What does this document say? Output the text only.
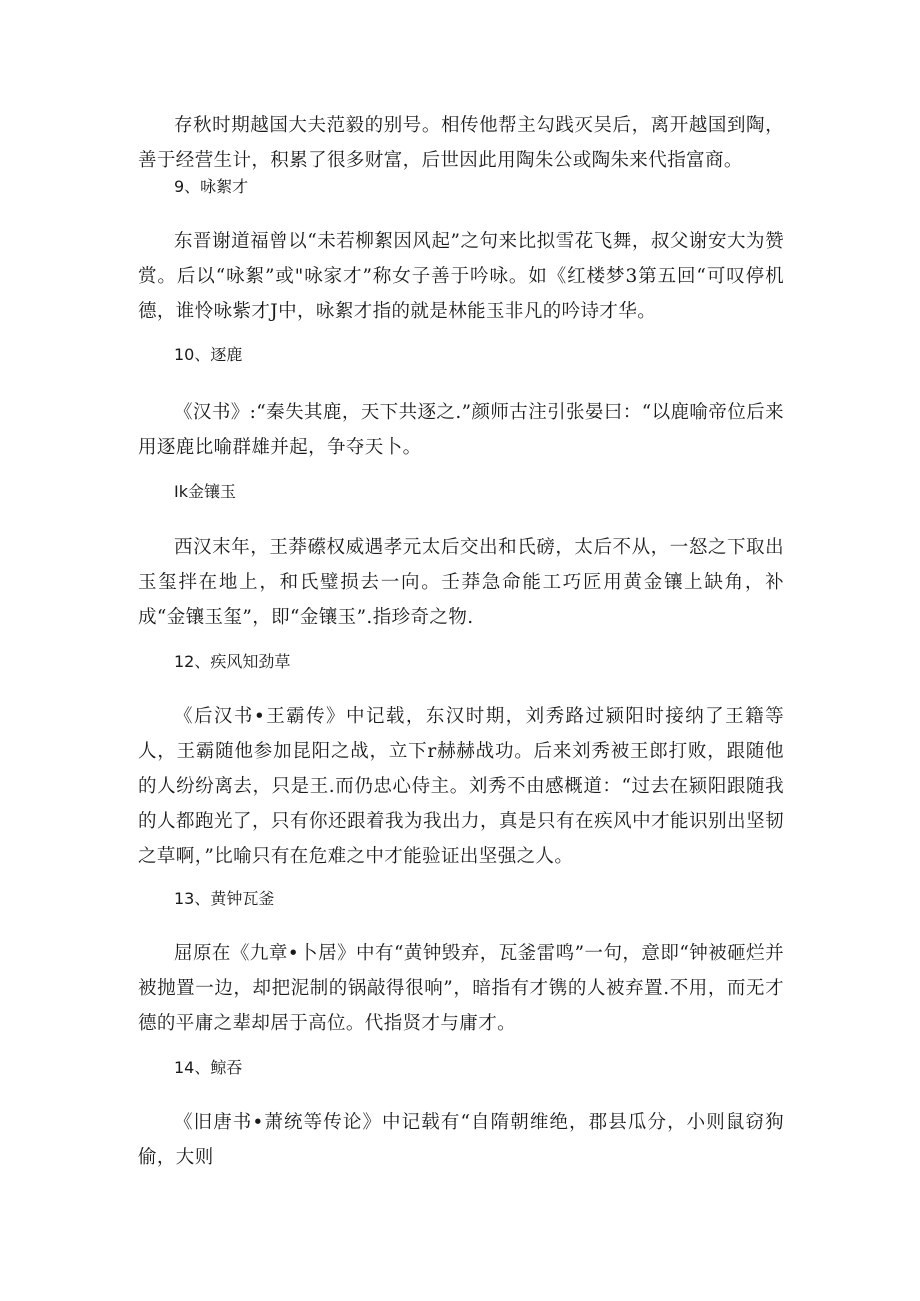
存秋时期越国大夫范毅的别号。相传他帮主勾践灭吴后，离开越国到陶，善于经营生计，积累了很多财富，后世因此用陶朱公或陶朱来代指富商。

9、咏絮才

东晋谢道福曾以“未若柳絮因风起”之句来比拟雪花飞舞，叔父谢安大为赞赏。后以“咏絮”或"咏家才”称女子善于吟咏。如《红楼梦3第五回“可叹停机德，谁怜咏紫才J中，咏絮才指的就是林能玉非凡的吟诗才华。

10、逐鹿

《汉书》:“秦失其鹿，天下共逐之.”颜师古注引张晏曰：“以鹿喻帝位后来用逐鹿比喻群雄并起，争夺天卜。

Ik金镶玉

西汉末年，王莽礤权威遇孝元太后交出和氏磅，太后不从，一怒之下取出玉玺拌在地上，和氏璧损去一向。壬莽急命能工巧匠用黄金镶上缺角，补成“金镶玉玺”，即“金镶玉”.指珍奇之物.

12、疾风知劲草

《后汉书•王霸传》中记载，东汉时期，刘秀路过颍阳时接纳了王籍等人，王霸随他参加昆阳之战，立下r赫赫战功。后来刘秀被王郎打败，跟随他的人纷纷离去，只是王.而仍忠心侍主。刘秀不由感概道：“过去在颍阳跟随我的人都跑光了，只有你还跟着我为我出力，真是只有在疾风中才能识别出坚韧之草啊，”比喻只有在危难之中才能验证出坚强之人。

13、黄钟瓦釜

屈原在《九章•卜居》中有“黄钟毁弃，瓦釜雷鸣”一句，意即“钟被砸烂并被抛置一边，却把泥制的锅敲得很响”，暗指有才镌的人被弃置.不用，而无才德的平庸之辈却居于高位。代指贤才与庸才。

14、鲸吞

《旧唐书•萧统等传论》中记载有“自隋朝维绝，郡县瓜分，小则鼠窃狗偷，大则
